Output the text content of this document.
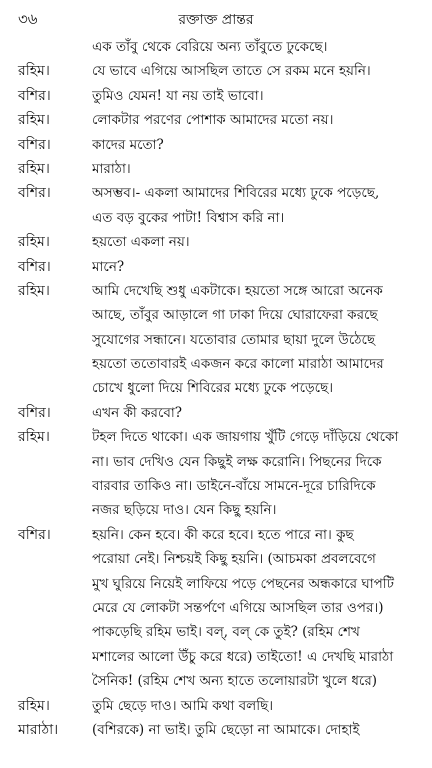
৩৬	রক্তাক্ত প্রান্তর
এক তাঁবু থেকে বেরিয়ে অন্য তাঁবুতে ঢুকেছে।
রহিম।	যে ভাবে এগিয়ে আসছিল তাতে সে রকম মনে হয়নি।
বশির।	তুমিও যেমন! যা নয় তাই ভাবো।
রহিম।	লোকটার পরণের পোশাক আমাদের মতো নয়।
বশির।	কাদের মতো?
রহিম।	মারাঠা।
বশির।	অসম্ভব।- একলা আমাদের শিবিরের মধ্যে ঢুকে পড়েছে,
এত বড় বুকের পাটা! বিশ্বাস করি না।
রহিম।	হয়তো একলা নয়।
বশির।	মানে?
রহিম।	আমি দেখেছি শুধু একটাকে। হয়তো সঙ্গে আরো অনেক
আছে, তাঁবুর আড়ালে গা ঢাকা দিয়ে ঘোরাফেরা করছে
সুযোগের সন্ধানে। যতোবার তোমার ছায়া দুলে উঠেছে
হয়তো ততোবারই একজন করে কালো মারাঠা আমাদের
চোখে ধুলো দিয়ে শিবিরের মধ্যে ঢুকে পড়েছে।
বশির।	এখন কী করবো?
রহিম।	টহল দিতে থাকো। এক জায়গায় খুঁটি গেড়ে দাঁড়িয়ে থেকো
না। ভাব দেখিও যেন কিছুই লক্ষ করোনি। পিছনের দিকে
বারবার তাকিও না। ডাইনে-বাঁয়ে সামনে-দূরে চারিদিকে
নজর ছড়িয়ে দাও। যেন কিছু হয়নি।
বশির।	হয়নি। কেন হবে। কী করে হবে। হতে পারে না। কুছ
পরোয়া নেই। নিশ্চয়ই কিছু হয়নি। (আচমকা প্রবলবেগে
মুখ ঘুরিয়ে নিয়েই লাফিয়ে পড়ে পেছনের অন্ধকারে ঘাপটি
মেরে যে লোকটা সন্তর্পণে এগিয়ে আসছিল তার ওপর।)
পাকড়েছি রহিম ভাই। বল্‌, বল্‌ কে তুই? (রহিম শেখ
মশালের আলো উঁচু করে ধরে) তাইতো! এ দেখছি মারাঠা
সৈনিক! (রহিম শেখ অন্য হাতে তলোয়ারটা খুলে ধরে)
রহিম।	তুমি ছেড়ে দাও। আমি কথা বলছি।
মারাঠা।	(বশিরকে) না ভাই। তুমি ছেড়ো না আমাকে। দোহাই
